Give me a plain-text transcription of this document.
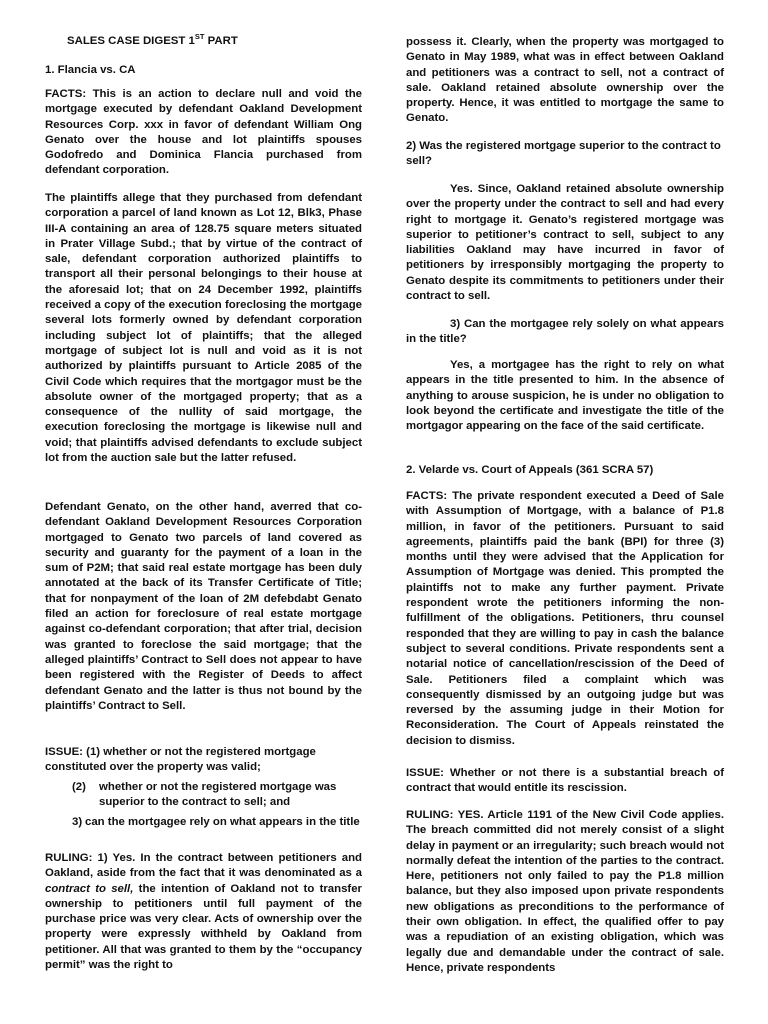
SALES CASE DIGEST 1ST PART

1. Flancia vs. CA

FACTS: This is an action to declare null and void the mortgage executed by defendant Oakland Development Resources Corp. xxx in favor of defendant William Ong Genato over the house and lot plaintiffs spouses Godofredo and Dominica Flancia purchased from defendant corporation.

The plaintiffs allege that they purchased from defendant corporation a parcel of land known as Lot 12, Blk3, Phase III-A containing an area of 128.75 square meters situated in Prater Village Subd.; that by virtue of the contract of sale, defendant corporation authorized plaintiffs to transport all their personal belongings to their house at the aforesaid lot; that on 24 December 1992, plaintiffs received a copy of the execution foreclosing the mortgage several lots formerly owned by defendant corporation including subject lot of plaintiffs; that the alleged mortgage of subject lot is null and void as it is not authorized by plaintiffs pursuant to Article 2085 of the Civil Code which requires that the mortgagor must be the absolute owner of the mortgaged property; that as a consequence of the nullity of said mortgage, the execution foreclosing the mortgage is likewise null and void; that plaintiffs advised defendants to exclude subject lot from the auction sale but the latter refused.

Defendant Genato, on the other hand, averred that co-defendant Oakland Development Resources Corporation mortgaged to Genato two parcels of land covered as security and guaranty for the payment of a loan in the sum of P2M; that said real estate mortgage has been duly annotated at the back of its Transfer Certificate of Title; that for nonpayment of the loan of 2M defebdabt Genato filed an action for foreclosure of real estate mortgage against co-defendant corporation; that after trial, decision was granted to foreclose the said mortgage; that the alleged plaintiffs’ Contract to Sell does not appear to have been registered with the Register of Deeds to affect defendant Genato and the latter is thus not bound by the plaintiffs’ Contract to Sell.

ISSUE: (1) whether or not the registered mortgage constituted over the property was valid;

(2)	whether or not the registered mortgage was superior to the contract to sell; and
3) can the mortgagee rely on what appears in the title

RULING: 1) Yes. In the contract between petitioners and Oakland, aside from the fact that it was denominated as a contract to sell, the intention of Oakland not to transfer ownership to petitioners until full payment of the purchase price was very clear. Acts of ownership over the property were expressly withheld by Oakland from petitioner. All that was granted to them by the “occupancy permit” was the right to

possess it. Clearly, when the property was mortgaged to Genato in May 1989, what was in effect between Oakland and petitioners was a contract to sell, not a contract of sale. Oakland retained absolute ownership over the property. Hence, it was entitled to mortgage the same to Genato.

2) Was the registered mortgage superior to the contract to sell?

Yes. Since, Oakland retained absolute ownership over the property under the contract to sell and had every right to mortgage it. Genato’s registered mortgage was superior to petitioner’s contract to sell, subject to any liabilities Oakland may have incurred in favor of petitioners by irresponsibly mortgaging the property to Genato despite its commitments to petitioners under their contract to sell.

3) Can the mortgagee rely solely on what appears in the title?

Yes, a mortgagee has the right to rely on what appears in the title presented to him. In the absence of anything to arouse suspicion, he is under no obligation to look beyond the certificate and investigate the title of the mortgagor appearing on the face of the said certificate.

2. Velarde vs. Court of Appeals (361 SCRA 57)

FACTS: The private respondent executed a Deed of Sale with Assumption of Mortgage, with a balance of P1.8 million, in favor of the petitioners. Pursuant to said agreements, plaintiffs paid the bank (BPI) for three (3) months until they were advised that the Application for Assumption of Mortgage was denied. This prompted the plaintiffs not to make any further payment. Private respondent wrote the petitioners informing the non-fulfillment of the obligations. Petitioners, thru counsel responded that they are willing to pay in cash the balance subject to several conditions. Private respondents sent a notarial notice of cancellation/rescission of the Deed of Sale. Petitioners filed a complaint which was consequently dismissed by an outgoing judge but was reversed by the assuming judge in their Motion for Reconsideration. The Court of Appeals reinstated the decision to dismiss.

ISSUE: Whether or not there is a substantial breach of contract that would entitle its rescission.

RULING: YES. Article 1191 of the New Civil Code applies. The breach committed did not merely consist of a slight delay in payment or an irregularity; such breach would not normally defeat the intention of the parties to the contract. Here, petitioners not only failed to pay the P1.8 million balance, but they also imposed upon private respondents new obligations as preconditions to the performance of their own obligation. In effect, the qualified offer to pay was a repudiation of an existing obligation, which was legally due and demandable under the contract of sale. Hence, private respondents
